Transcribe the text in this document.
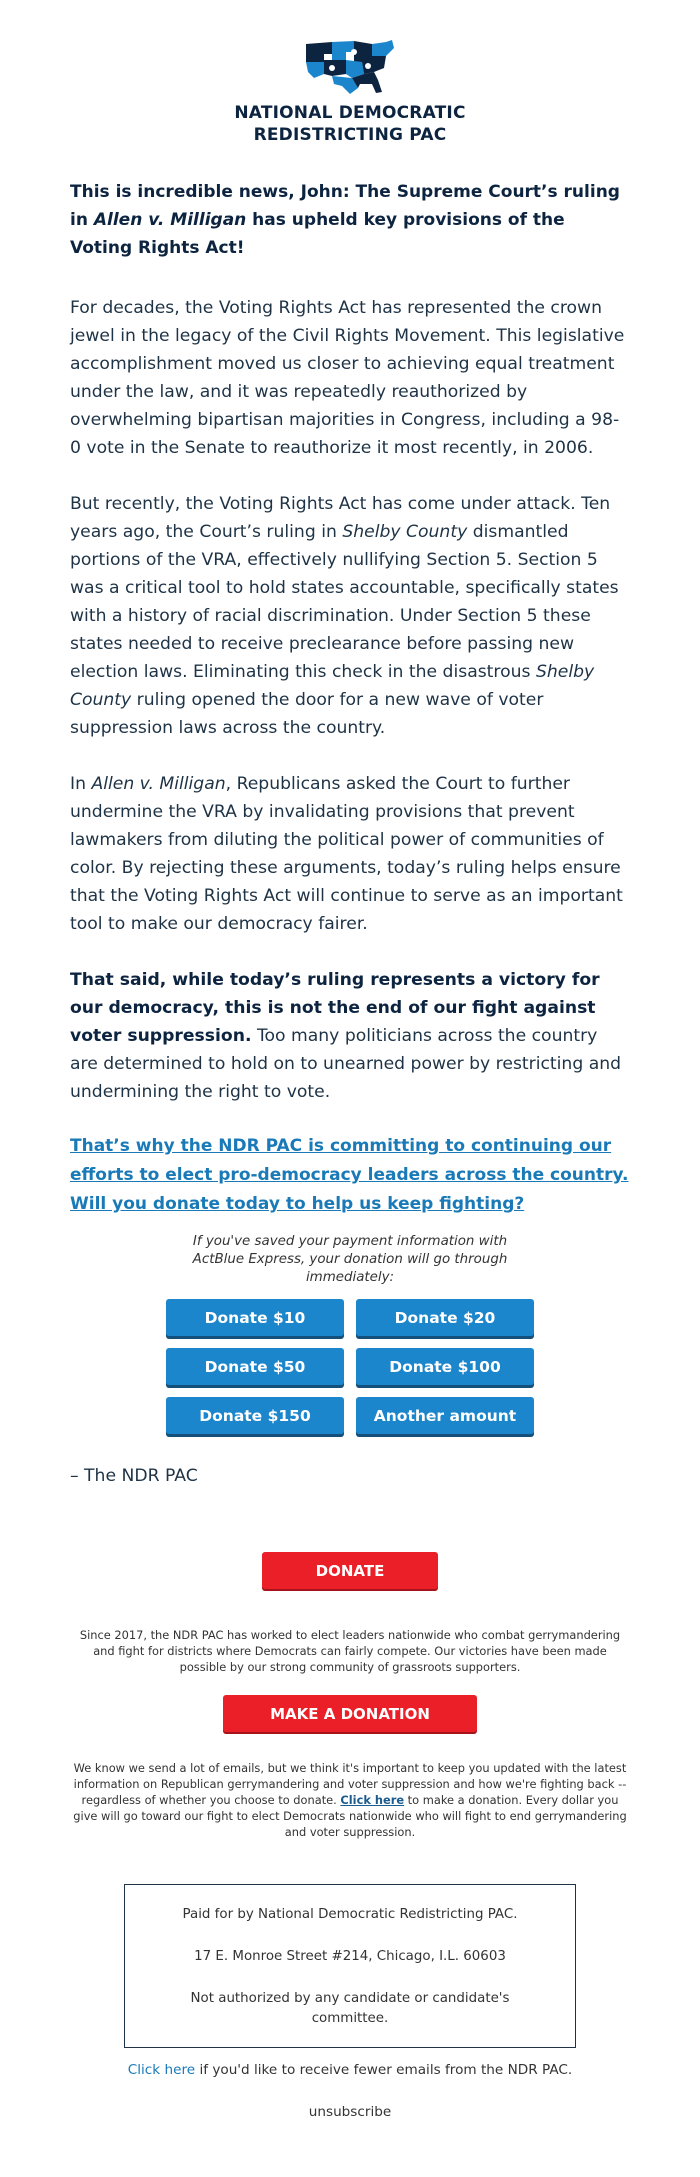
NATIONAL DEMOCRATIC
REDISTRICTING PAC
This is incredible news, John: The Supreme Court’s ruling in Allen v. Milligan has upheld key provisions of the Voting Rights Act!
For decades, the Voting Rights Act has represented the crown jewel in the legacy of the Civil Rights Movement. This legislative accomplishment moved us closer to achieving equal treatment under the law, and it was repeatedly reauthorized by overwhelming bipartisan majorities in Congress, including a 98-0 vote in the Senate to reauthorize it most recently, in 2006.
But recently, the Voting Rights Act has come under attack. Ten years ago, the Court’s ruling in Shelby County dismantled portions of the VRA, effectively nullifying Section 5. Section 5 was a critical tool to hold states accountable, specifically states with a history of racial discrimination. Under Section 5 these states needed to receive preclearance before passing new election laws. Eliminating this check in the disastrous Shelby County ruling opened the door for a new wave of voter suppression laws across the country.
In Allen v. Milligan, Republicans asked the Court to further undermine the VRA by invalidating provisions that prevent lawmakers from diluting the political power of communities of color. By rejecting these arguments, today’s ruling helps ensure that the Voting Rights Act will continue to serve as an important tool to make our democracy fairer.
That said, while today’s ruling represents a victory for our democracy, this is not the end of our fight against voter suppression. Too many politicians across the country are determined to hold on to unearned power by restricting and undermining the right to vote.
That’s why the NDR PAC is committing to continuing our efforts to elect pro-democracy leaders across the country. Will you donate today to help us keep fighting?
If you've saved your payment information with ActBlue Express, your donation will go through immediately:
Donate $10	Donate $20
Donate $50	Donate $100
Donate $150	Another amount
– The NDR PAC
DONATE
Since 2017, the NDR PAC has worked to elect leaders nationwide who combat gerrymandering and fight for districts where Democrats can fairly compete. Our victories have been made possible by our strong community of grassroots supporters.
MAKE A DONATION
We know we send a lot of emails, but we think it's important to keep you updated with the latest information on Republican gerrymandering and voter suppression and how we're fighting back -- regardless of whether you choose to donate. Click here to make a donation. Every dollar you give will go toward our fight to elect Democrats nationwide who will fight to end gerrymandering and voter suppression.

Paid for by National Democratic Redistricting PAC.

17 E. Monroe Street #214, Chicago, I.L. 60603

Not authorized by any candidate or candidate's committee.

Click here if you'd like to receive fewer emails from the NDR PAC.
unsubscribe
